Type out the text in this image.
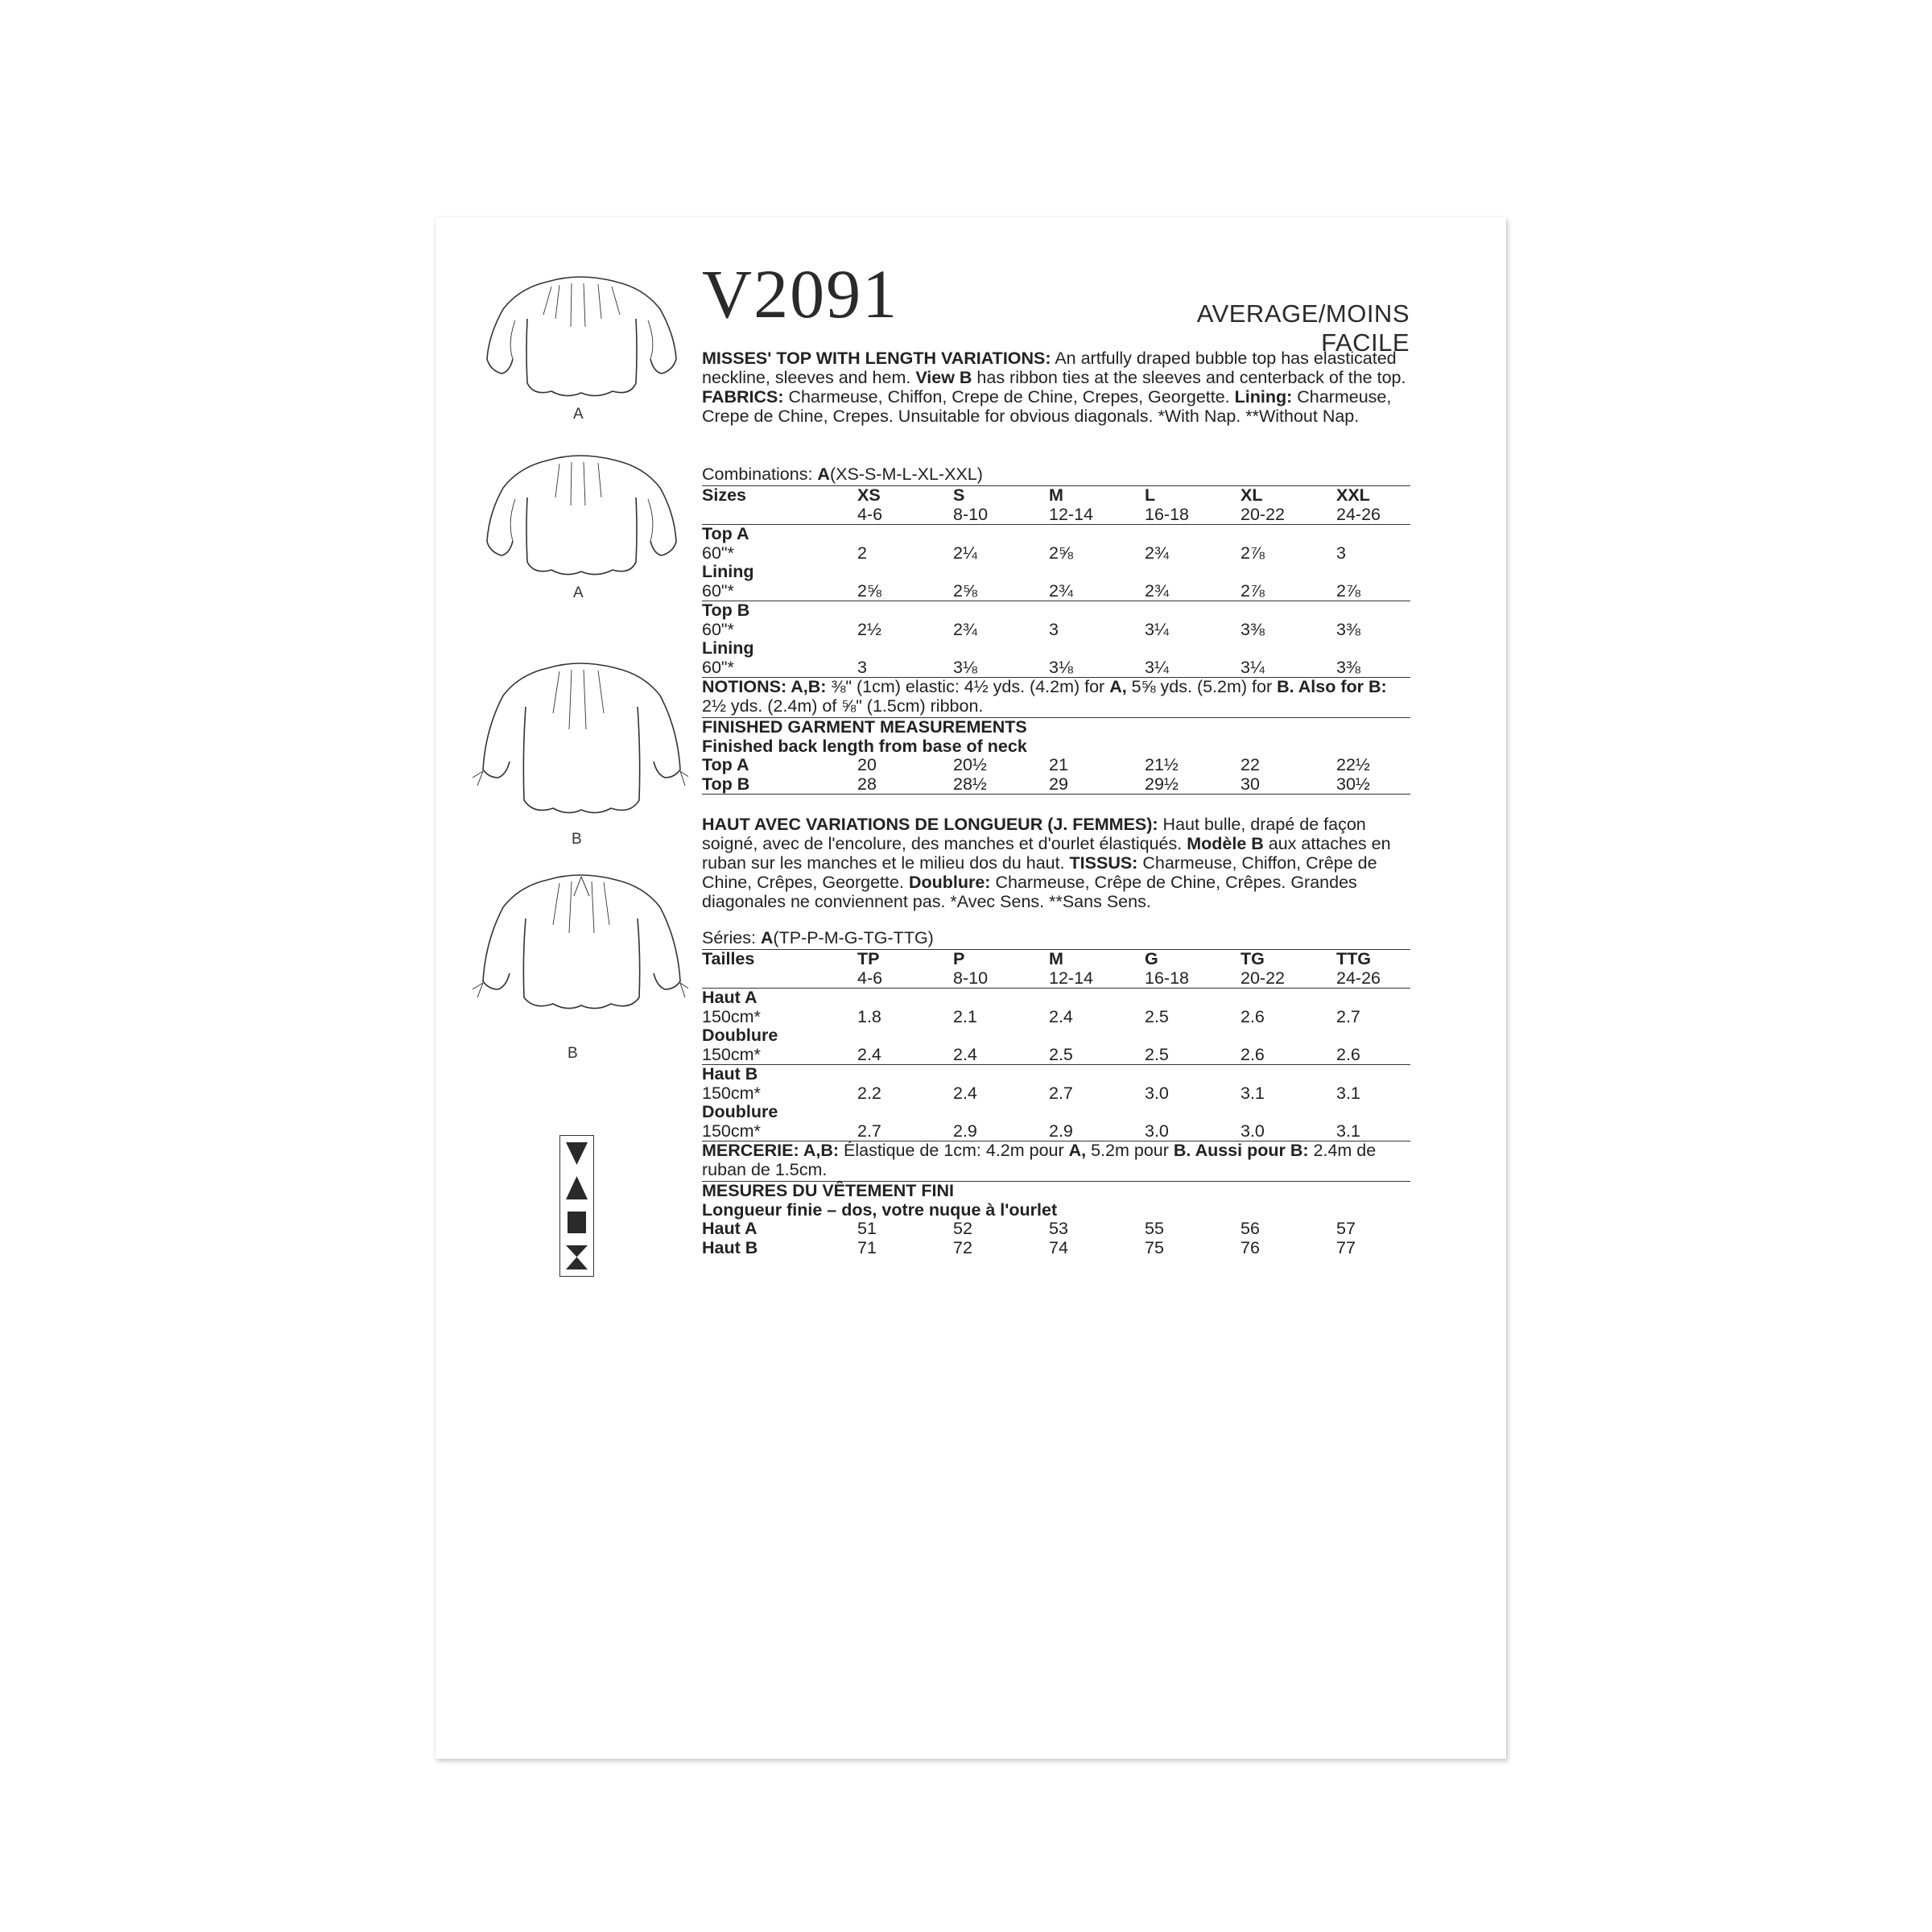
V2091	AVERAGE/MOINS FACILE
A
A
B
B
MISSES' TOP WITH LENGTH VARIATIONS: An artfully draped bubble top has elasticated neckline, sleeves and hem. View B has ribbon ties at the sleeves and centerback of the top. FABRICS: Charmeuse, Chiffon, Crepe de Chine, Crepes, Georgette. Lining: Charmeuse, Crepe de Chine, Crepes. Unsuitable for obvious diagonals. *With Nap. **Without Nap.
Combinations: A(XS-S-M-L-XL-XXL)
Sizes	XS	S	M	L	XL	XXL
	4-6	8-10	12-14	16-18	20-22	24-26
Top A						
60"*	2	2¼	2⅝	2¾	2⅞	3
Lining						
60"*	2⅝	2⅝	2¾	2¾	2⅞	2⅞
Top B						
60"*	2½	2¾	3	3¼	3⅜	3⅜
Lining						
60"*	3	3⅛	3⅛	3¼	3¼	3⅜
NOTIONS: A,B: ⅜" (1cm) elastic: 4½ yds. (4.2m) for A, 5⅝ yds. (5.2m) for B. Also for B: 2½ yds. (2.4m) of ⅝" (1.5cm) ribbon.						
FINISHED GARMENT MEASUREMENTS						
Finished back length from base of neck						
Top A	20	20½	21	21½	22	22½
Top B	28	28½	29	29½	30	30½
HAUT AVEC VARIATIONS DE LONGUEUR (J. FEMMES): Haut bulle, drapé de façon soigné, avec de l'encolure, des manches et d'ourlet élastiqués. Modèle B aux attaches en ruban sur les manches et le milieu dos du haut. TISSUS: Charmeuse, Chiffon, Crêpe de Chine, Crêpes, Georgette. Doublure: Charmeuse, Crêpe de Chine, Crêpes. Grandes diagonales ne conviennent pas. *Avec Sens. **Sans Sens.
Séries: A(TP-P-M-G-TG-TTG)
Tailles	TP	P	M	G	TG	TTG
	4-6	8-10	12-14	16-18	20-22	24-26
Haut A						
150cm*	1.8	2.1	2.4	2.5	2.6	2.7
Doublure						
150cm*	2.4	2.4	2.5	2.5	2.6	2.6
Haut B						
150cm*	2.2	2.4	2.7	3.0	3.1	3.1
Doublure						
150cm*	2.7	2.9	2.9	3.0	3.0	3.1
MERCERIE: A,B: Élastique de 1cm: 4.2m pour A, 5.2m pour B. Aussi pour B: 2.4m de ruban de 1.5cm.						
MESURES DU VÊTEMENT FINI						
Longueur finie – dos, votre nuque à l'ourlet						
Haut A	51	52	53	55	56	57
Haut B	71	72	74	75	76	77
